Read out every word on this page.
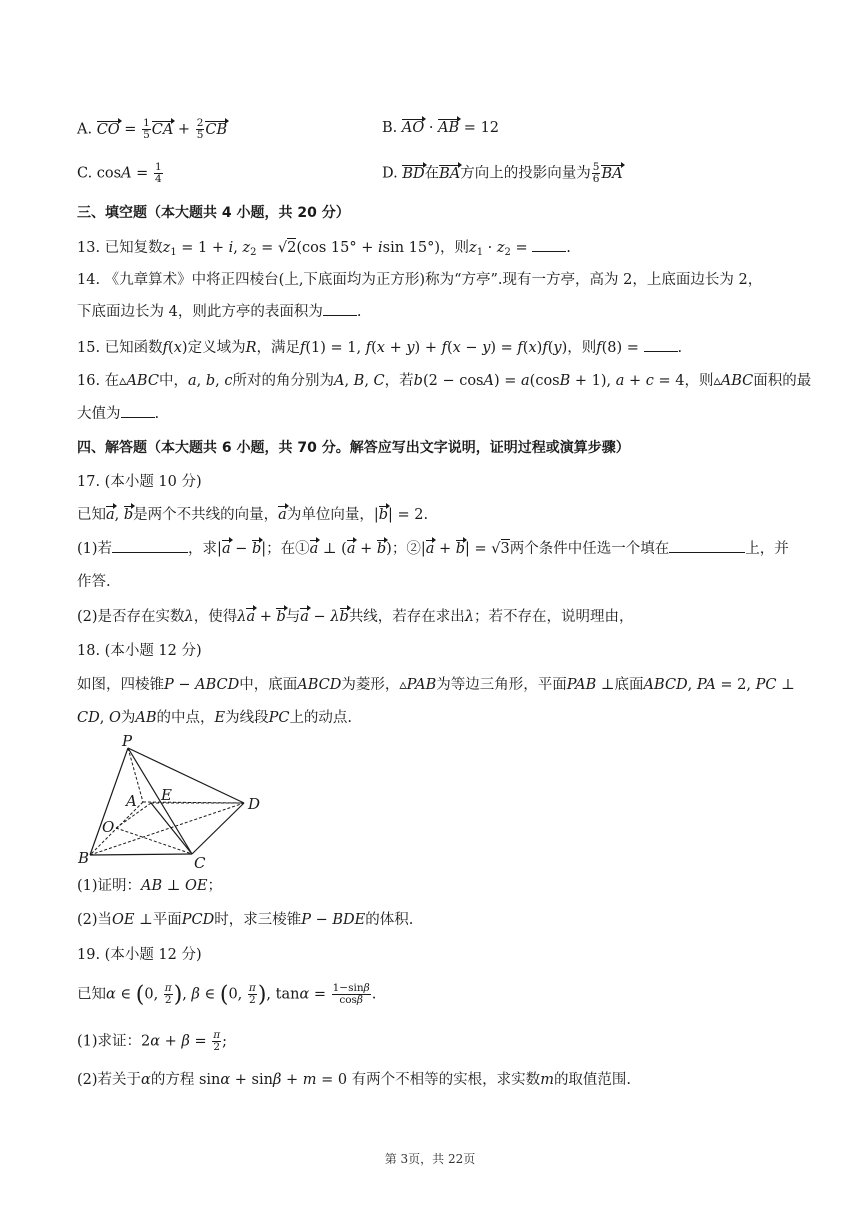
A. CO = $\frac{1}{5}$ CA + $\frac{2}{5}$ CB	B. AO · AB = 12
C. $\cos A = \frac{1}{4}$	D. BD在BA方向上的投影向量为 $\frac{5}{6}$ BA
三、填空题（本大题共 4 小题，共 20 分）
13. 已知复数$z_1 = 1 + i$, $z_2 = √2(\cos$ 15° + isin 15°)，则$z_1 \cdot z_2$ = .
14. 《九章算术》中将正四棱台(上,下底面均为正方形)称为“方亭”.现有一方亭，高为 2，上底面边长为 2，
下底面边长为 4，则此方亭的表面积为 .
15. 已知函数f(x)定义域为R，满足f(1) = 1, f(x + y) + f(x − y) = f(x)f(y)，则f(8) = .
16. 在▵ABC中，a, b, c所对的角分别为A, B, C，若b(2 − cosA) = a(cosB + 1), a + c = 4，则▵ABC面积的最
大值为 .
四、解答题（本大题共 6 小题，共 70 分。解答应写出文字说明，证明过程或演算步骤）
17. (本小题 10 分)
已知a, b是两个不共线的向量，a为单位向量，|b| = 2.
(1)若	，求|a − b|；在①a ⊥ (a + b)；②|a + b| = √3两个条件中任选一个填在	上，并
作答.
(2)是否存在实数λ，使得λa + b与a − λb共线，若存在求出λ；若不存在，说明理由，
18. (本小题 12 分)
如图，四棱锥P − ABCD中，底面ABCD为菱形，▵PAB为等边三角形，平面PAB ⊥底面ABCD, PA = 2, PC ⊥
CD, O为AB的中点，E为线段PC上的动点.
P
A E	D
O
B	C
(1)证明：AB ⊥ OE；
(2)当OE ⊥平面PCD时，求三棱锥P − BDE的体积.
19. (本小题 12 分)
已知α ∈ (0, $\frac{\pi}{2}$ ), β ∈ (0, $\frac{\pi}{2}$ ), $\tan\alpha = \frac{1-\sin\beta}{\cos\beta}$ .
(1)求证：$2\alpha + \beta = \frac{\pi}{2}$ ;
(2)若关于α的方程 sinα + sinβ + m = 0 有两个不相等的实根，求实数m的取值范围.
第 3页，共 22页
